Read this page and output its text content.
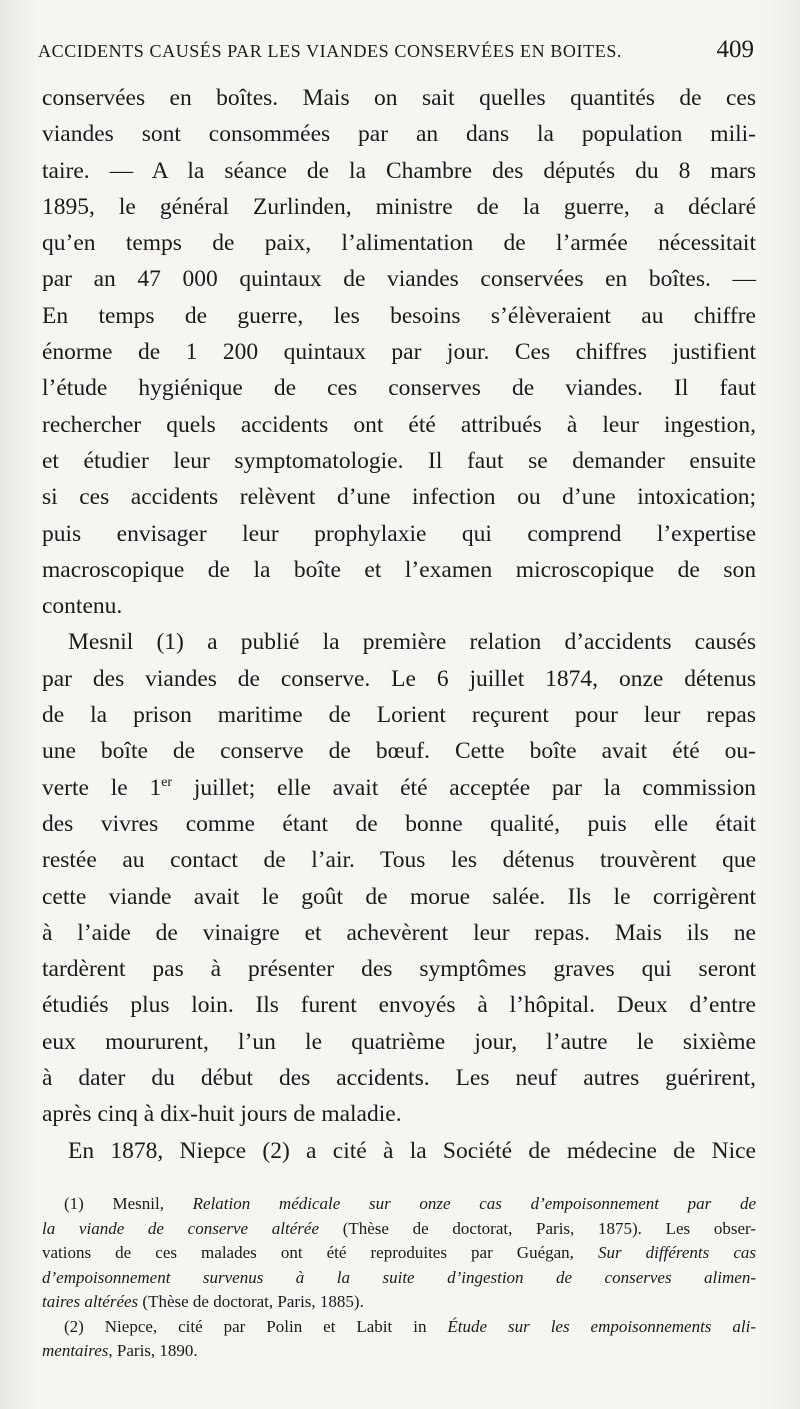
ACCIDENTS CAUSÉS PAR LES VIANDES CONSERVÉES EN BOITES.	409
conservées en boîtes. Mais on sait quelles quantités de ces
viandes sont consommées par an dans la population mili-
taire. — A la séance de la Chambre des députés du 8 mars
1895, le général Zurlinden, ministre de la guerre, a déclaré
qu’en temps de paix, l’alimentation de l’armée nécessitait
par an 47 000 quintaux de viandes conservées en boîtes. —
En temps de guerre, les besoins s’élèveraient au chiffre
énorme de 1 200 quintaux par jour. Ces chiffres justifient
l’étude hygiénique de ces conserves de viandes. Il faut
rechercher quels accidents ont été attribués à leur ingestion,
et étudier leur symptomatologie. Il faut se demander ensuite
si ces accidents relèvent d’une infection ou d’une intoxication;
puis envisager leur prophylaxie qui comprend l’expertise
macroscopique de la boîte et l’examen microscopique de son
contenu.
Mesnil (1) a publié la première relation d’accidents causés
par des viandes de conserve. Le 6 juillet 1874, onze détenus
de la prison maritime de Lorient reçurent pour leur repas
une boîte de conserve de bœuf. Cette boîte avait été ou-
verte le 1er juillet; elle avait été acceptée par la commission
des vivres comme étant de bonne qualité, puis elle était
restée au contact de l’air. Tous les détenus trouvèrent que
cette viande avait le goût de morue salée. Ils le corrigèrent
à l’aide de vinaigre et achevèrent leur repas. Mais ils ne
tardèrent pas à présenter des symptômes graves qui seront
étudiés plus loin. Ils furent envoyés à l’hôpital. Deux d’entre
eux moururent, l’un le quatrième jour, l’autre le sixième
à dater du début des accidents. Les neuf autres guérirent,
après cinq à dix-huit jours de maladie.
En 1878, Niepce (2) a cité à la Société de médecine de Nice
(1) Mesnil, Relation médicale sur onze cas d’empoisonnement par de
la viande de conserve altérée (Thèse de doctorat, Paris, 1875). Les obser-
vations de ces malades ont été reproduites par Guégan, Sur différents cas
d’empoisonnement survenus à la suite d’ingestion de conserves alimen-
taires altérées (Thèse de doctorat, Paris, 1885).
(2) Niepce, cité par Polin et Labit in Étude sur les empoisonnements ali-
mentaires, Paris, 1890.
